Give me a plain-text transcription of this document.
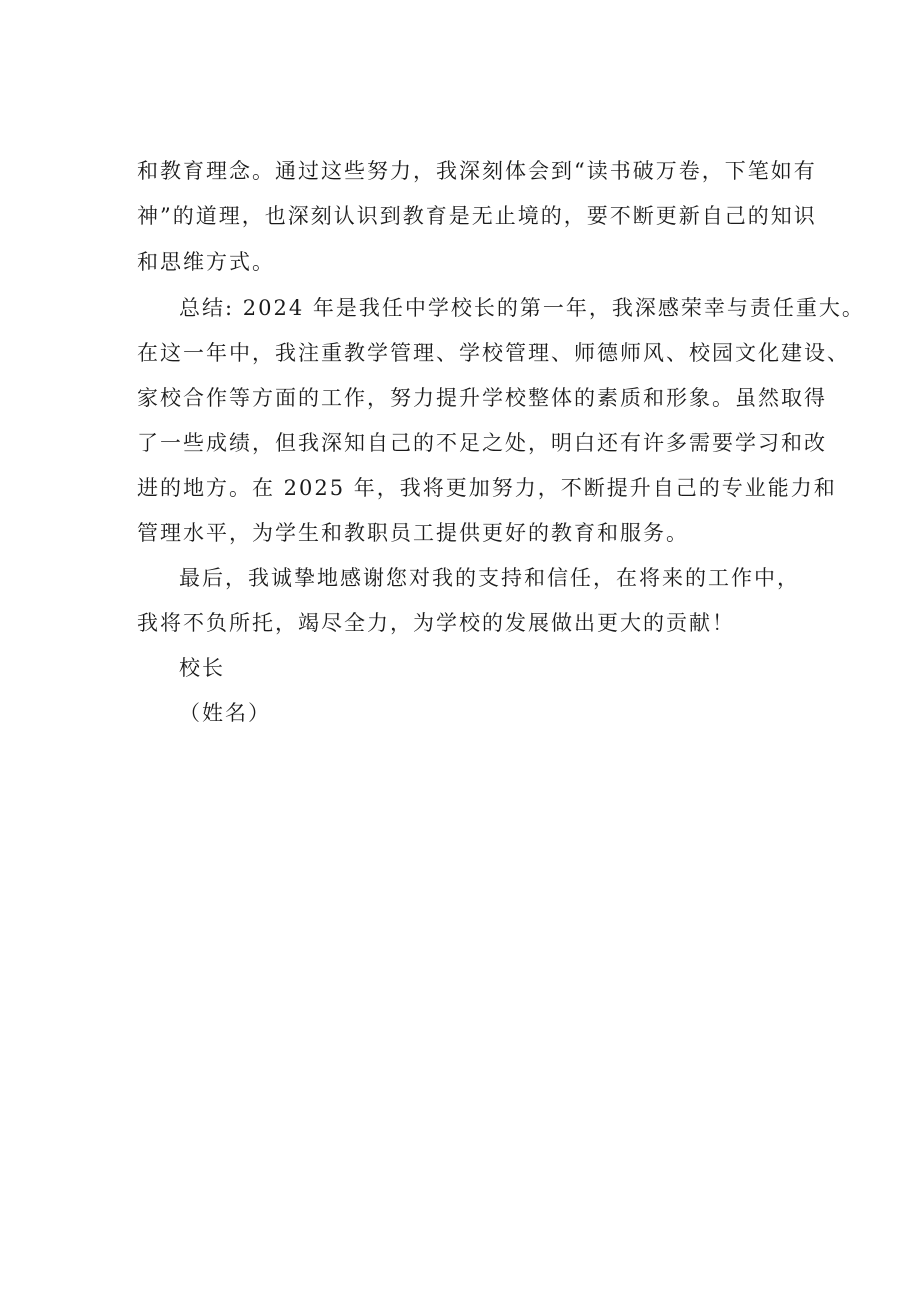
和教育理念。通过这些努力，我深刻体会到“读书破万卷，下笔如有
神”的道理，也深刻认识到教育是无止境的，要不断更新自己的知识
和思维方式。
总结: 2024 年是我任中学校长的第一年，我深感荣幸与责任重大。
在这一年中，我注重教学管理、学校管理、师德师风、校园文化建设、
家校合作等方面的工作，努力提升学校整体的素质和形象。虽然取得
了一些成绩，但我深知自己的不足之处，明白还有许多需要学习和改
进的地方。在 2025 年，我将更加努力，不断提升自己的专业能力和
管理水平，为学生和教职员工提供更好的教育和服务。
最后，我诚挚地感谢您对我的支持和信任，在将来的工作中，
我将不负所托，竭尽全力，为学校的发展做出更大的贡献！
校长
（姓名）
